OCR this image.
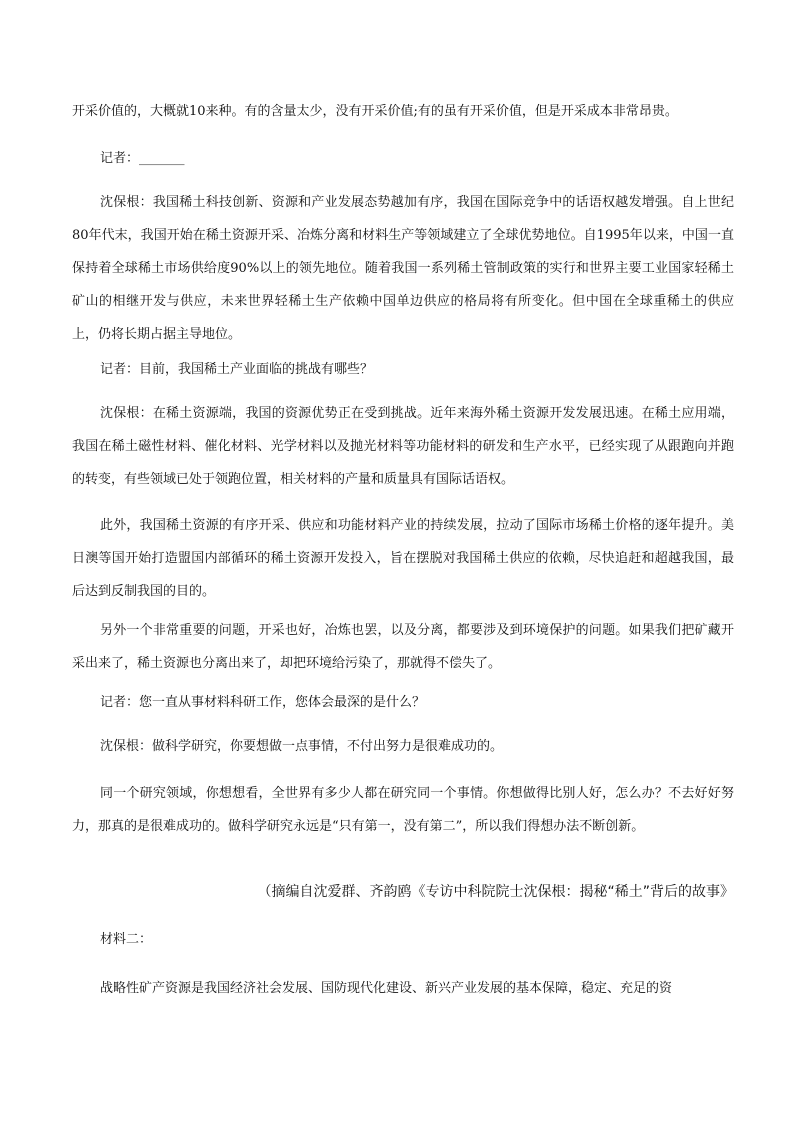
开采价值的，大概就10来种。有的含量太少，没有开采价值;有的虽有开采价值，但是开采成本非常昂贵。

记者：_______

沈保根：我国稀土科技创新、资源和产业发展态势越加有序，我国在国际竞争中的话语权越发增强。自上世纪80年代末，我国开始在稀土资源开采、冶炼分离和材料生产等领域建立了全球优势地位。自1995年以来，中国一直保持着全球稀土市场供给度90%以上的领先地位。随着我国一系列稀土管制政策的实行和世界主要工业国家轻稀土矿山的相继开发与供应，未来世界轻稀土生产依赖中国单边供应的格局将有所变化。但中国在全球重稀土的供应上，仍将长期占据主导地位。

记者：目前，我国稀土产业面临的挑战有哪些？

沈保根：在稀土资源端，我国的资源优势正在受到挑战。近年来海外稀土资源开发发展迅速。在稀土应用端，我国在稀土磁性材料、催化材料、光学材料以及抛光材料等功能材料的研发和生产水平，已经实现了从跟跑向并跑的转变，有些领域已处于领跑位置，相关材料的产量和质量具有国际话语权。

此外，我国稀土资源的有序开采、供应和功能材料产业的持续发展，拉动了国际市场稀土价格的逐年提升。美日澳等国开始打造盟国内部循环的稀土资源开发投入，旨在摆脱对我国稀土供应的依赖，尽快追赶和超越我国，最后达到反制我国的目的。

另外一个非常重要的问题，开采也好，冶炼也罢，以及分离，都要涉及到环境保护的问题。如果我们把矿藏开采出来了，稀土资源也分离出来了，却把环境给污染了，那就得不偿失了。

记者：您一直从事材料科研工作，您体会最深的是什么？

沈保根：做科学研究，你要想做一点事情，不付出努力是很难成功的。

同一个研究领域，你想想看，全世界有多少人都在研究同一个事情。你想做得比别人好，怎么办？不去好好努力，那真的是很难成功的。做科学研究永远是“只有第一，没有第二”，所以我们得想办法不断创新。

（摘编自沈爱群、齐韵鸥《专访中科院院士沈保根：揭秘“稀土”背后的故事》

材料二：

战略性矿产资源是我国经济社会发展、国防现代化建设、新兴产业发展的基本保障，稳定、充足的资
